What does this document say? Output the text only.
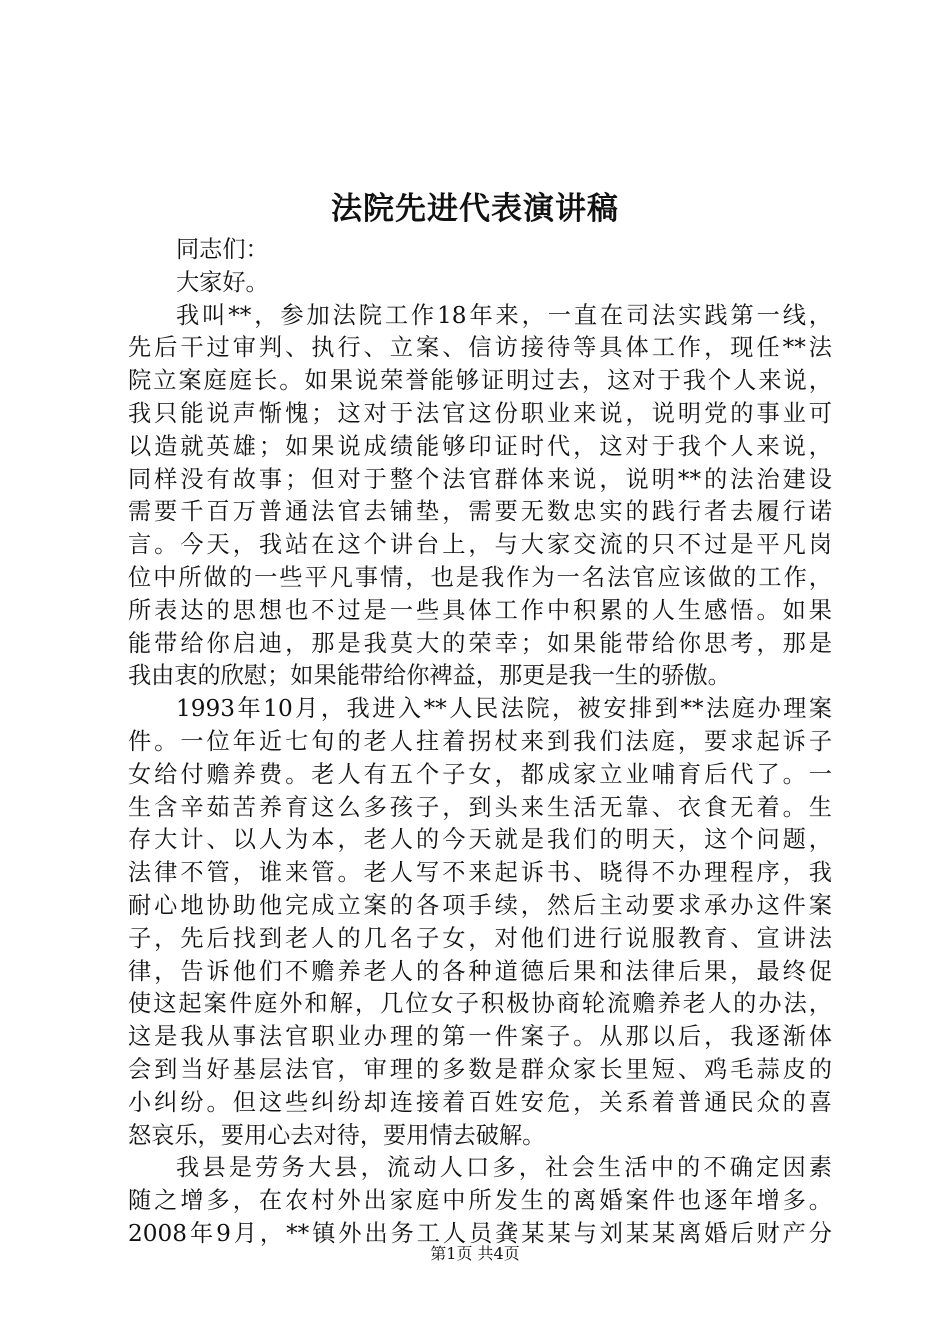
法院先进代表演讲稿
同志们：
大家好。
我叫**，参加法院工作18年来，一直在司法实践第一线，
先后干过审判、执行、立案、信访接待等具体工作，现任**法
院立案庭庭长。如果说荣誉能够证明过去，这对于我个人来说，
我只能说声惭愧；这对于法官这份职业来说，说明党的事业可
以造就英雄；如果说成绩能够印证时代，这对于我个人来说，
同样没有故事；但对于整个法官群体来说，说明**的法治建设
需要千百万普通法官去铺垫，需要无数忠实的践行者去履行诺
言。今天，我站在这个讲台上，与大家交流的只不过是平凡岗
位中所做的一些平凡事情，也是我作为一名法官应该做的工作，
所表达的思想也不过是一些具体工作中积累的人生感悟。如果
能带给你启迪，那是我莫大的荣幸；如果能带给你思考，那是
我由衷的欣慰；如果能带给你裨益，那更是我一生的骄傲。
1993年10月，我进入**人民法院，被安排到**法庭办理案
件。一位年近七旬的老人拄着拐杖来到我们法庭，要求起诉子
女给付赡养费。老人有五个子女，都成家立业哺育后代了。一
生含辛茹苦养育这么多孩子，到头来生活无靠、衣食无着。生
存大计、以人为本，老人的今天就是我们的明天，这个问题，
法律不管，谁来管。老人写不来起诉书、晓得不办理程序，我
耐心地协助他完成立案的各项手续，然后主动要求承办这件案
子，先后找到老人的几名子女，对他们进行说服教育、宣讲法
律，告诉他们不赡养老人的各种道德后果和法律后果，最终促
使这起案件庭外和解，几位女子积极协商轮流赡养老人的办法，
这是我从事法官职业办理的第一件案子。从那以后，我逐渐体
会到当好基层法官，审理的多数是群众家长里短、鸡毛蒜皮的
小纠纷。但这些纠纷却连接着百姓安危，关系着普通民众的喜
怒哀乐，要用心去对待，要用情去破解。
我县是劳务大县，流动人口多，社会生活中的不确定因素
随之增多，在农村外出家庭中所发生的离婚案件也逐年增多。
2008年9月，**镇外出务工人员龚某某与刘某某离婚后财产分
第1页 共4页
